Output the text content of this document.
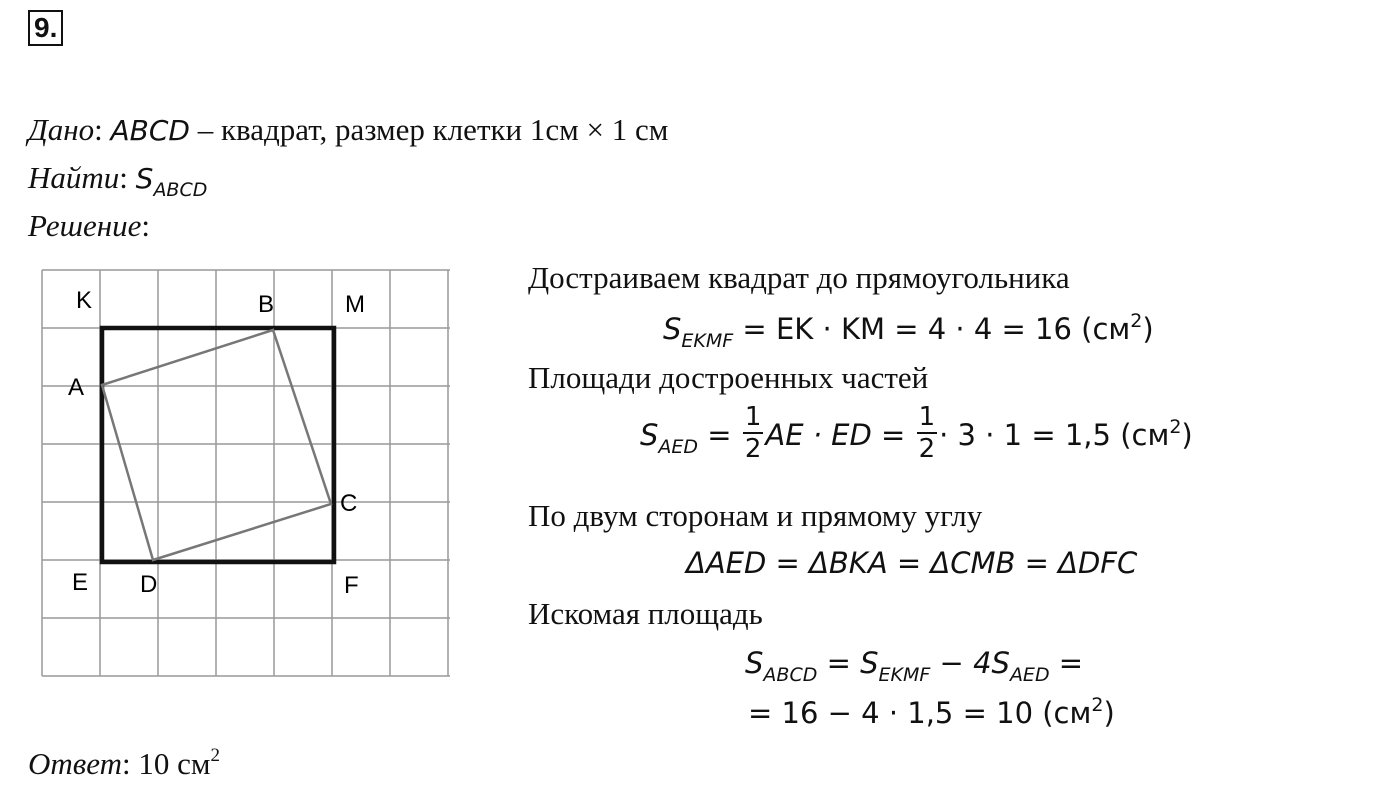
9.
Дано: ABCD – квадрат, размер клетки 1см × 1 см
Найти: $S_{ABCD}$
Решение:
K	B	M
A
C
E D	F
Достраиваем квадрат до прямоугольника
$S_{EKMF}$ = EK · KM = 4 · 4 = 16 $(см^2)$
Площади достроенных частей
$S_{AED} = \frac{1}{2}$ AE · ED = $\frac{1}{2} \cdot 3 \cdot 1 = 1,5$ $(см^2)$
По двум сторонам и прямому углу
ΔAED = ΔBKA = ΔCMB = ΔDFC
Искомая площадь
$S_{ABCD} = S_{EKMF} - 4S_{AED}$ =
= 16 − 4 · 1,5 = 10 $(см^2)$
Ответ: 10 $см^2$
